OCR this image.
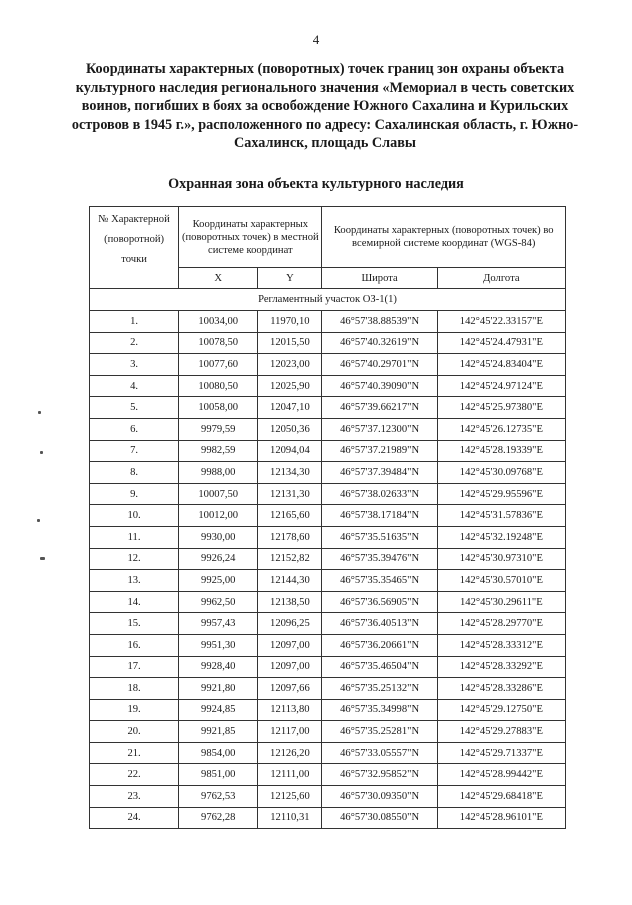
4
Координаты характерных (поворотных) точек границ зон охраны объекта культурного наследия регионального значения «Мемориал в честь советских воинов, погибших в боях за освобождение Южного Сахалина и Курильских островов в 1945 г.», расположенного по адресу: Сахалинская область, г. Южно-Сахалинск, площадь Славы
Охранная зона объекта культурного наследия
№ Характерной (поворотной) точки	Координаты характерных (поворотных точек) в местной системе координат		Координаты характерных (поворотных точек) во всемирной системе координат (WGS-84)	
	X	Y	Широта	Долгота
Регламентный участок ОЗ-1(1)				
1.	10034,00	11970,10	46°57'38.88539"N	142°45'22.33157"E
2.	10078,50	12015,50	46°57'40.32619"N	142°45'24.47931"E
3.	10077,60	12023,00	46°57'40.29701"N	142°45'24.83404"E
4.	10080,50	12025,90	46°57'40.39090"N	142°45'24.97124"E
5.	10058,00	12047,10	46°57'39.66217"N	142°45'25.97380"E
6.	9979,59	12050,36	46°57'37.12300"N	142°45'26.12735"E
7.	9982,59	12094,04	46°57'37.21989"N	142°45'28.19339"E
8.	9988,00	12134,30	46°57'37.39484"N	142°45'30.09768"E
9.	10007,50	12131,30	46°57'38.02633"N	142°45'29.95596"E
10.	10012,00	12165,60	46°57'38.17184"N	142°45'31.57836"E
11.	9930,00	12178,60	46°57'35.51635"N	142°45'32.19248"E
12.	9926,24	12152,82	46°57'35.39476"N	142°45'30.97310"E
13.	9925,00	12144,30	46°57'35.35465"N	142°45'30.57010"E
14.	9962,50	12138,50	46°57'36.56905"N	142°45'30.29611"E
15.	9957,43	12096,25	46°57'36.40513"N	142°45'28.29770"E
16.	9951,30	12097,00	46°57'36.20661"N	142°45'28.33312"E
17.	9928,40	12097,00	46°57'35.46504"N	142°45'28.33292"E
18.	9921,80	12097,66	46°57'35.25132"N	142°45'28.33286"E
19.	9924,85	12113,80	46°57'35.34998"N	142°45'29.12750"E
20.	9921,85	12117,00	46°57'35.25281"N	142°45'29.27883"E
21.	9854,00	12126,20	46°57'33.05557"N	142°45'29.71337"E
22.	9851,00	12111,00	46°57'32.95852"N	142°45'28.99442"E
23.	9762,53	12125,60	46°57'30.09350"N	142°45'29.68418"E
24.	9762,28	12110,31	46°57'30.08550"N	142°45'28.96101"E
